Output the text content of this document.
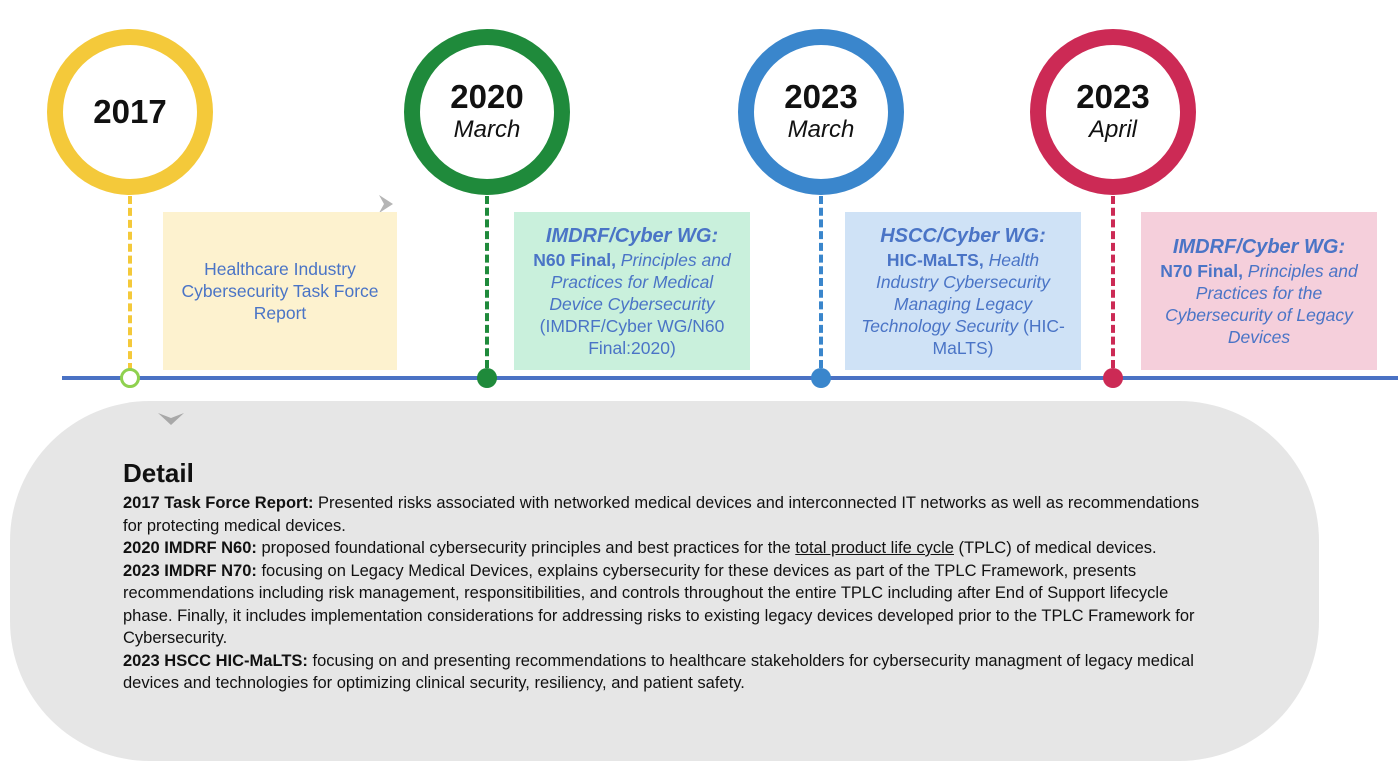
2017	2020
March
2023
March
2023
April
Healthcare Industry Cybersecurity Task Force Report
IMDRF/Cyber WG:
N60 Final, Principles and Practices for Medical Device Cybersecurity (IMDRF/Cyber WG/N60 Final:2020)
HSCC/Cyber WG:
HIC-MaLTS, Health Industry Cybersecurity Managing Legacy Technology Security (HIC-MaLTS)
IMDRF/Cyber WG:
N70 Final, Principles and Practices for the Cybersecurity of Legacy Devices
Detail

2017 Task Force Report: Presented risks associated with networked medical devices and interconnected IT networks as well as recommendations for protecting medical devices.

2020 IMDRF N60: proposed foundational cybersecurity principles and best practices for the total product life cycle (TPLC) of medical devices.

2023 IMDRF N70: focusing on Legacy Medical Devices, explains cybersecurity for these devices as part of the TPLC Framework, presents recommendations including risk management, responsitibilities, and controls throughout the entire TPLC including after End of Support lifecycle phase. Finally, it includes implementation considerations for addressing risks to existing legacy devices developed prior to the TPLC Framework for Cybersecurity.

2023 HSCC HIC-MaLTS: focusing on and presenting recommendations to healthcare stakeholders for cybersecurity managment of legacy medical devices and technologies for optimizing clinical security, resiliency, and patient safety.
